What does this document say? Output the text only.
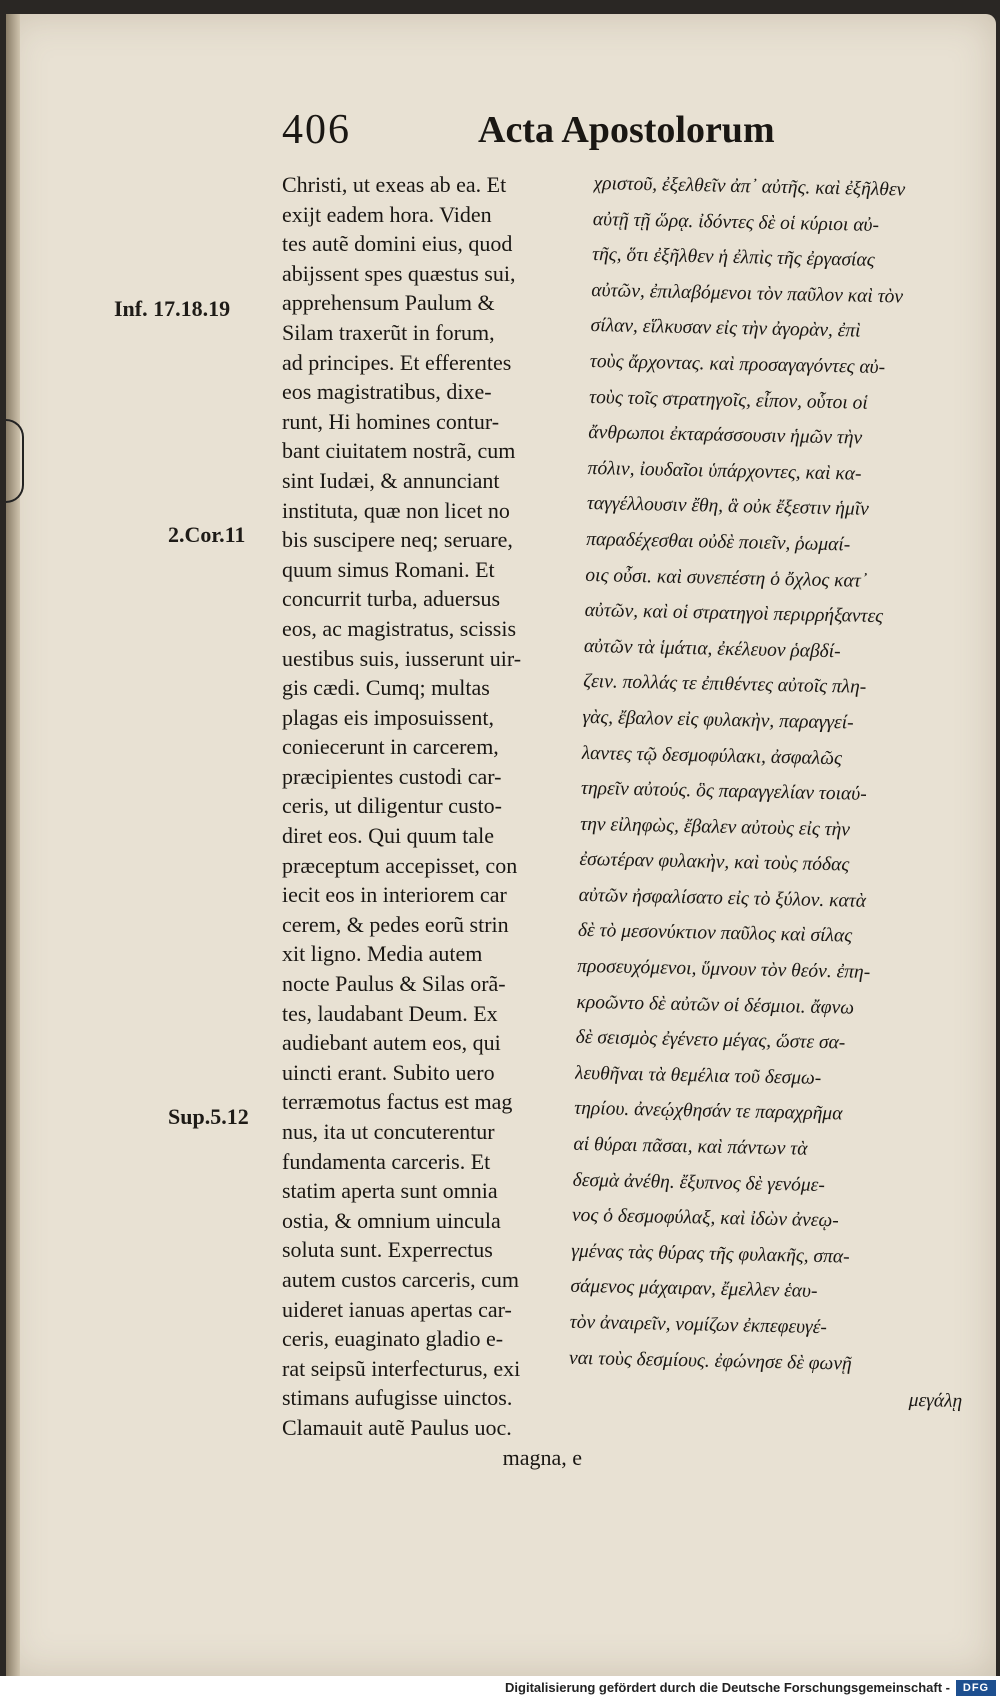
406	Acta Apostolorum
Inf. 17.18.19
2.Cor.11
Sup.5.12
Christi, ut exeas ab ea. Et
exijt eadem hora. Viden
tes autẽ domini eius, quod
abijssent spes quæstus sui,
apprehensum Paulum &
Silam traxerũt in forum,
ad principes. Et efferentes
eos magistratibus, dixe-
runt, Hi homines contur-
bant ciuitatem nostrã, cum
sint Iudæi, & annunciant
instituta, quæ non licet no
bis suscipere neq; seruare,
quum simus Romani. Et
concurrit turba, aduersus
eos, ac magistratus, scissis
uestibus suis, iusserunt uir-
gis cædi. Cumq; multas
plagas eis imposuissent,
coniecerunt in carcerem,
præcipientes custodi car-
ceris, ut diligentur custo-
diret eos. Qui quum tale
præceptum accepisset, con
iecit eos in interiorem car
cerem, & pedes eorũ strin
xit ligno. Media autem
nocte Paulus & Silas orã-
tes, laudabant Deum. Ex
audiebant autem eos, qui
uincti erant. Subito uero
terræmotus factus est mag
nus, ita ut concuterentur
fundamenta carceris. Et
statim aperta sunt omnia
ostia, & omnium uincula
soluta sunt. Experrectus
autem custos carceris, cum
uideret ianuas apertas car-
ceris, euaginato gladio e-
rat seipsũ interfecturus, exi
stimans aufugisse uinctos.
Clamauit autẽ Paulus uoc.
magna, e
χριστοῦ, ἐξελθεῖν ἀπ᾽ αὐτῆς. καὶ ἐξῆλθεν
αὐτῇ τῇ ὥρᾳ. ἰδόντες δὲ οἱ κύριοι αὐ-
τῆς, ὅτι ἐξῆλθεν ἡ ἐλπὶς τῆς ἐργασίας
αὐτῶν, ἐπιλαβόμενοι τὸν παῦλον καὶ τὸν
σίλαν, εἵλκυσαν εἰς τὴν ἀγορὰν, ἐπὶ
τοὺς ἄρχοντας. καὶ προσαγαγόντες αὐ-
τοὺς τοῖς στρατηγοῖς, εἶπον, οὗτοι οἱ
ἄνθρωποι ἐκταράσσουσιν ἡμῶν τὴν
πόλιν, ἰουδαῖοι ὑπάρχοντες, καὶ κα-
ταγγέλλουσιν ἔθη, ἃ οὐκ ἔξεστιν ἡμῖν
παραδέχεσθαι οὐδὲ ποιεῖν, ῥωμαί-
οις οὖσι. καὶ συνεπέστη ὁ ὄχλος κατ᾽
αὐτῶν, καὶ οἱ στρατηγοὶ περιρρήξαντες
αὐτῶν τὰ ἱμάτια, ἐκέλευον ῥαβδί-
ζειν. πολλάς τε ἐπιθέντες αὐτοῖς πλη-
γὰς, ἔβαλον εἰς φυλακὴν, παραγγεί-
λαντες τῷ δεσμοφύλακι, ἀσφαλῶς
τηρεῖν αὐτούς. ὃς παραγγελίαν τοιαύ-
την εἰληφὼς, ἔβαλεν αὐτοὺς εἰς τὴν
ἐσωτέραν φυλακὴν, καὶ τοὺς πόδας
αὐτῶν ἠσφαλίσατο εἰς τὸ ξύλον. κατὰ
δὲ τὸ μεσονύκτιον παῦλος καὶ σίλας
προσευχόμενοι, ὕμνουν τὸν θεόν. ἐπη-
κροῶντο δὲ αὐτῶν οἱ δέσμιοι. ἄφνω
δὲ σεισμὸς ἐγένετο μέγας, ὥστε σα-
λευθῆναι τὰ θεμέλια τοῦ δεσμω-
τηρίου. ἀνεῴχθησάν τε παραχρῆμα
αἱ θύραι πᾶσαι, καὶ πάντων τὰ
δεσμὰ ἀνέθη. ἔξυπνος δὲ γενόμε-
νος ὁ δεσμοφύλαξ, καὶ ἰδὼν ἀνεῳ-
γμένας τὰς θύρας τῆς φυλακῆς, σπα-
σάμενος μάχαιραν, ἔμελλεν ἑαυ-
τὸν ἀναιρεῖν, νομίζων ἐκπεφευγέ-
ναι τοὺς δεσμίους. ἐφώνησε δὲ φωνῇ
μεγάλῃ
Digitalisierung gefördert durch die Deutsche Forschungsgemeinschaft -	DFG
